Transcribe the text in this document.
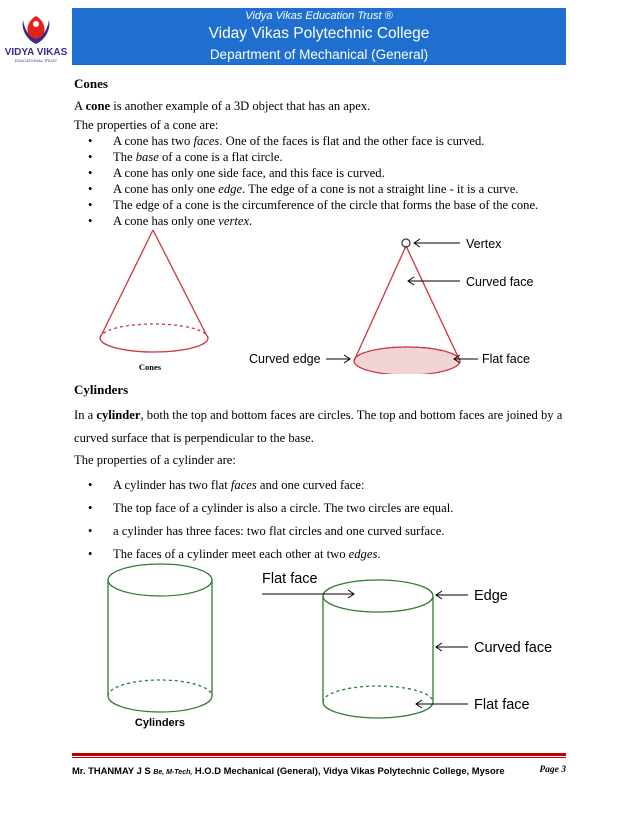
VIDYA VIKAS
EDUCATIONAL TRUST
Vidya Vikas Education Trust ®
Viday Vikas Polytechnic College
Department of Mechanical (General)
Cones
A cone is another example of a 3D object that has an apex.
The properties of a cone are:
• A cone has two faces. One of the faces is flat and the other face is curved.
• The base of a cone is a flat circle.
• A cone has only one side face, and this face is curved.
• A cone has only one edge. The edge of a cone is not a straight line - it is a curve.
• The edge of a cone is the circumference of the circle that forms the base of the cone.
• A cone has only one vertex.
Cones
Vertex
Curved face
Curved edge	Flat face
Cylinders
In a cylinder, both the top and bottom faces are circles. The top and bottom faces are joined by a curved surface that is perpendicular to the base.
The properties of a cylinder are:
• A cylinder has two flat faces and one curved face:
• The top face of a cylinder is also a circle. The two circles are equal.
• a cylinder has three faces: two flat circles and one curved surface.
• The faces of a cylinder meet each other at two edges.
Cylinders
Flat face
Edge
Curved face
Flat face
Mr. THANMAY J S Be, M-Tech, H.O.D Mechanical (General), Vidya Vikas Polytechnic College, Mysore	Page 3
